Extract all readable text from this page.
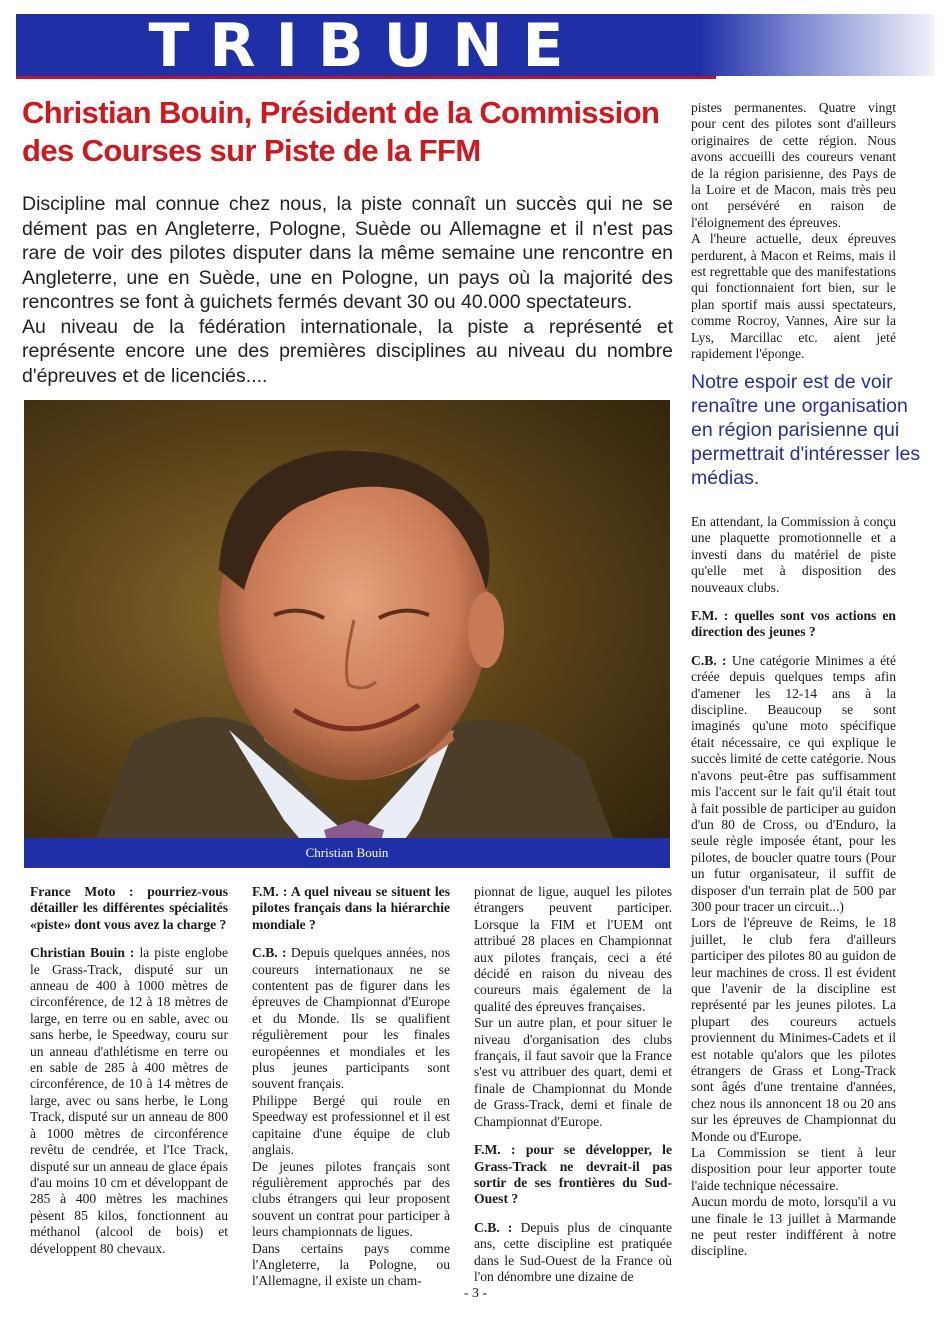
TRIBUNE
Christian Bouin, Président de la Commission des Courses sur Piste de la FFM

Discipline mal connue chez nous, la piste connaît un succès qui ne se dément pas en Angleterre, Pologne, Suède ou Allemagne et il n'est pas rare de voir des pilotes disputer dans la même semaine une rencontre en Angleterre, une en Suède, une en Pologne, un pays où la majorité des rencontres se font à guichets fermés devant 30 ou 40.000 spectateurs.

Au niveau de la fédération internationale, la piste a représenté et représente encore une des premières disciplines au niveau du nombre d'épreuves et de licenciés....

Christian Bouin

France Moto : pourriez-vous détailler les différentes spécialités «piste» dont vous avez la charge ?

Christian Bouin : la piste englobe le Grass-Track, disputé sur un anneau de 400 à 1000 mètres de circonférence, de 12 à 18 mètres de large, en terre ou en sable, avec ou sans herbe, le Speedway, couru sur un anneau d'athlétisme en terre ou en sable de 285 à 400 mètres de circonférence, de 10 à 14 mètres de large, avec ou sans herbe, le Long Track, disputé sur un anneau de 800 à 1000 mètres de circonférence revêtu de cendrée, et l'Ice Track, disputé sur un anneau de glace épais d'au moins 10 cm et développant de 285 à 400 mètres les machines pèsent 85 kilos, fonctionnent au méthanol (alcool de bois) et développent 80 chevaux.

F.M. : A quel niveau se situent les pilotes français dans la hiérarchie mondiale ?

C.B. : Depuis quelques années, nos coureurs internationaux ne se contentent pas de figurer dans les épreuves de Championnat d'Europe et du Monde. Ils se qualifient régulièrement pour les finales européennes et mondiales et les plus jeunes participants sont souvent français.

Philippe Bergé qui roule en Speedway est professionnel et il est capitaine d'une équipe de club anglais.

De jeunes pilotes français sont régulièrement approchés par des clubs étrangers qui leur proposent souvent un contrat pour participer à leurs championnats de ligues.

Dans certains pays comme l'Angleterre, la Pologne, ou l'Allemagne, il existe un cham-

pionnat de ligue, auquel les pilotes étrangers peuvent participer. Lorsque la FIM et l'UEM ont attribué 28 places en Championnat aux pilotes français, ceci a été décidé en raison du niveau des coureurs mais également de la qualité des épreuves françaises.

Sur un autre plan, et pour situer le niveau d'organisation des clubs français, il faut savoir que la France s'est vu attribuer des quart, demi et finale de Championnat du Monde de Grass-Track, demi et finale de Championnat d'Europe.

F.M. : pour se développer, le Grass-Track ne devrait-il pas sortir de ses frontières du Sud-Ouest ?

C.B. : Depuis plus de cinquante ans, cette discipline est pratiquée dans le Sud-Ouest de la France où l'on dénombre une dizaine de

pistes permanentes. Quatre vingt pour cent des pilotes sont d'ailleurs originaires de cette région. Nous avons accueilli des coureurs venant de la région parisienne, des Pays de la Loire et de Macon, mais très peu ont persévéré en raison de l'éloignement des épreuves.

A l'heure actuelle, deux épreuves perdurent, à Macon et Reims, mais il est regrettable que des manifestations qui fonctionnaient fort bien, sur le plan sportif mais aussi spectateurs, comme Rocroy, Vannes, Aire sur la Lys, Marcillac etc. aient jeté rapidement l'éponge.

Notre espoir est de voir renaître une organisation en région parisienne qui permettrait d'intéresser les médias.

En attendant, la Commission à conçu une plaquette promotionnelle et a investi dans du matériel de piste qu'elle met à disposition des nouveaux clubs.

F.M. : quelles sont vos actions en direction des jeunes ?

C.B. : Une catégorie Minimes a été créée depuis quelques temps afin d'amener les 12-14 ans à la discipline. Beaucoup se sont imaginés qu'une moto spécifique était nécessaire, ce qui explique le succès limité de cette catégorie. Nous n'avons peut-être pas suffisamment mis l'accent sur le fait qu'il était tout à fait possible de participer au guidon d'un 80 de Cross, ou d'Enduro, la seule règle imposée étant, pour les pilotes, de boucler quatre tours (Pour un futur organisateur, il suffit de disposer d'un terrain plat de 500 par 300 pour tracer un circuit...)

Lors de l'épreuve de Reims, le 18 juillet, le club fera d'ailleurs participer des pilotes 80 au guidon de leur machines de cross. Il est évident que l'avenir de la discipline est représenté par les jeunes pilotes. La plupart des coureurs actuels proviennent du Minimes-Cadets et il est notable qu'alors que les pilotes étrangers de Grass et Long-Track sont âgés d'une trentaine d'années, chez nous ils annoncent 18 ou 20 ans sur les épreuves de Championnat du Monde ou d'Europe.

La Commission se tient à leur disposition pour leur apporter toute l'aide technique nécessaire.

Aucun mordu de moto, lorsqu'il a vu une finale le 13 juillet à Marmande ne peut rester indifférent à notre discipline.

- 3 -
